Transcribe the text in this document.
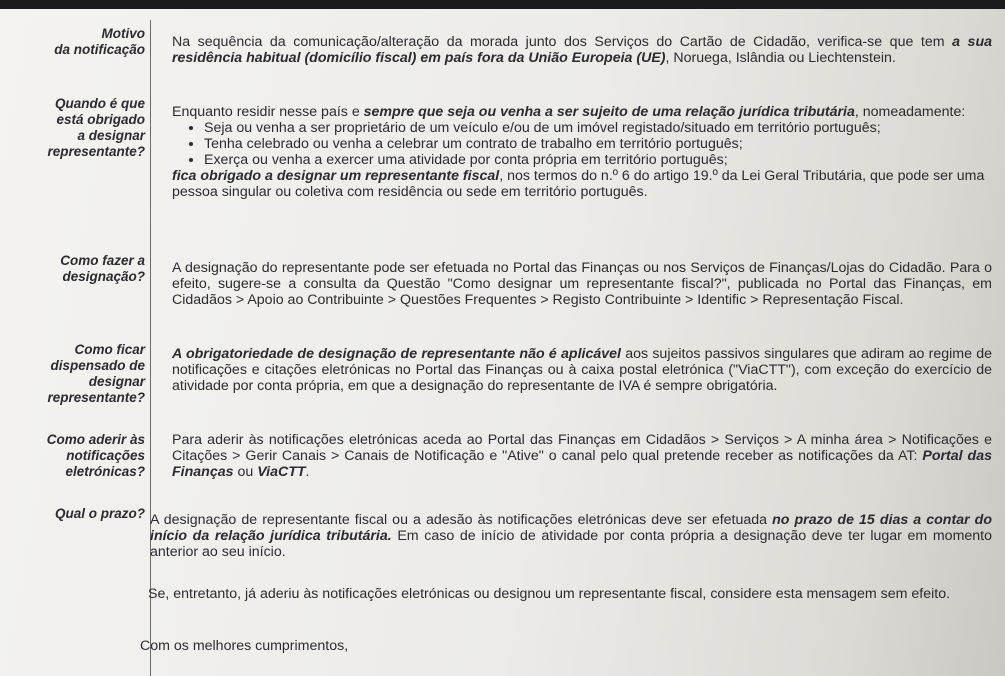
Motivo
da notificação Na sequência da comunicação/alteração da morada junto dos Serviços do Cartão de Cidadão, verifica-se que tem a sua residência habitual (domicílio fiscal) em país fora da União Europeia (UE), Noruega, Islândia ou Liechtenstein.

Quando é que
está obrigado
a designar
representante?

Enquanto residir nesse país e sempre que seja ou venha a ser sujeito de uma relação jurídica tributária, nomeadamente:

• Seja ou venha a ser proprietário de um veículo e/ou de um imóvel registado/situado em território português;
• Tenha celebrado ou venha a celebrar um contrato de trabalho em território português;
• Exerça ou venha a exercer uma atividade por conta própria em território português;

fica obrigado a designar um representante fiscal, nos termos do n.º 6 do artigo 19.º da Lei Geral Tributária, que pode ser uma pessoa singular ou coletiva com residência ou sede em território português.

Como fazer a
designação?

A designação do representante pode ser efetuada no Portal das Finanças ou nos Serviços de Finanças/Lojas do Cidadão. Para o efeito, sugere-se a consulta da Questão "Como designar um representante fiscal?", publicada no Portal das Finanças, em Cidadãos > Apoio ao Contribuinte > Questões Frequentes > Registo Contribuinte > Identific > Representação Fiscal.

Como ficar
dispensado de
designar
representante?

A obrigatoriedade de designação de representante não é aplicável aos sujeitos passivos singulares que adiram ao regime de notificações e citações eletrónicas no Portal das Finanças ou à caixa postal eletrónica ("ViaCTT"), com exceção do exercício de atividade por conta própria, em que a designação do representante de IVA é sempre obrigatória.

Como aderir às
notificações
eletrónicas?

Para aderir às notificações eletrónicas aceda ao Portal das Finanças em Cidadãos > Serviços > A minha área > Notificações e Citações > Gerir Canais > Canais de Notificação e "Ative" o canal pelo qual pretende receber as notificações da AT: Portal das Finanças ou ViaCTT.

Qual o prazo? A designação de representante fiscal ou a adesão às notificações eletrónicas deve ser efetuada no prazo de 15 dias a contar do início da relação jurídica tributária. Em caso de início de atividade por conta própria a designação deve ter lugar em momento anterior ao seu início.

Se, entretanto, já aderiu às notificações eletrónicas ou designou um representante fiscal, considere esta mensagem sem efeito.

Com os melhores cumprimentos,
